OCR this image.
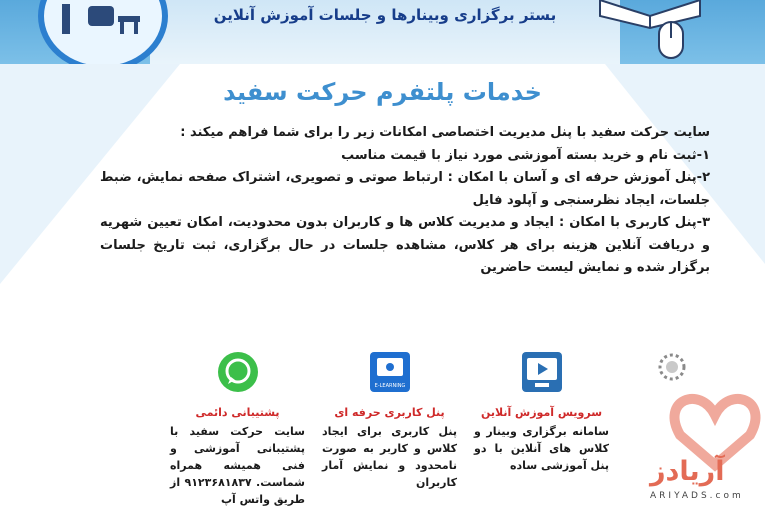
بستر برگزاری وبینارها و جلسات آموزش آنلاین
خدمات پلتفرم حرکت سفید

سایت حرکت سفید با پنل مدیریت اختصاصی امکانات زیر را برای شما فراهم میکند :

۱-ثبت نام و خرید بسته آموزشی مورد نیاز با قیمت مناسب

۲-پنل آموزش حرفه ای و آسان با امکان : ارتباط صوتی و تصویری، اشتراک صفحه نمایش، ضبط جلسات، ایجاد نظرسنجی و آپلود فایل

۳-پنل کاربری با امکان : ایجاد و مدیریت کلاس ها و کاربران بدون محدودیت، امکان تعیین شهریه و دریافت آنلاین هزینه برای هر کلاس، مشاهده جلسات در حال برگزاری، ثبت تاریخ جلسات برگزار شده و نمایش لیست حاضرین

پشتیبانی دائمی
سایت حرکت سفید با پشتیبانی آموزشی و فنی همیشه همراه شماست. ۹۱۲۳۶۸۱۸۳۷ از طریق واتس آپ
E-LEARNING
پنل کاربری حرفه ای
پنل کاربری برای ایجاد کلاس و کاربر به صورت نامحدود و نمایش آمار کاربران
سرویس آموزش آنلاین
سامانه برگزاری وبینار و کلاس های آنلاین با دو پنل آموزشی ساده آریادز
ARIYADS.com
